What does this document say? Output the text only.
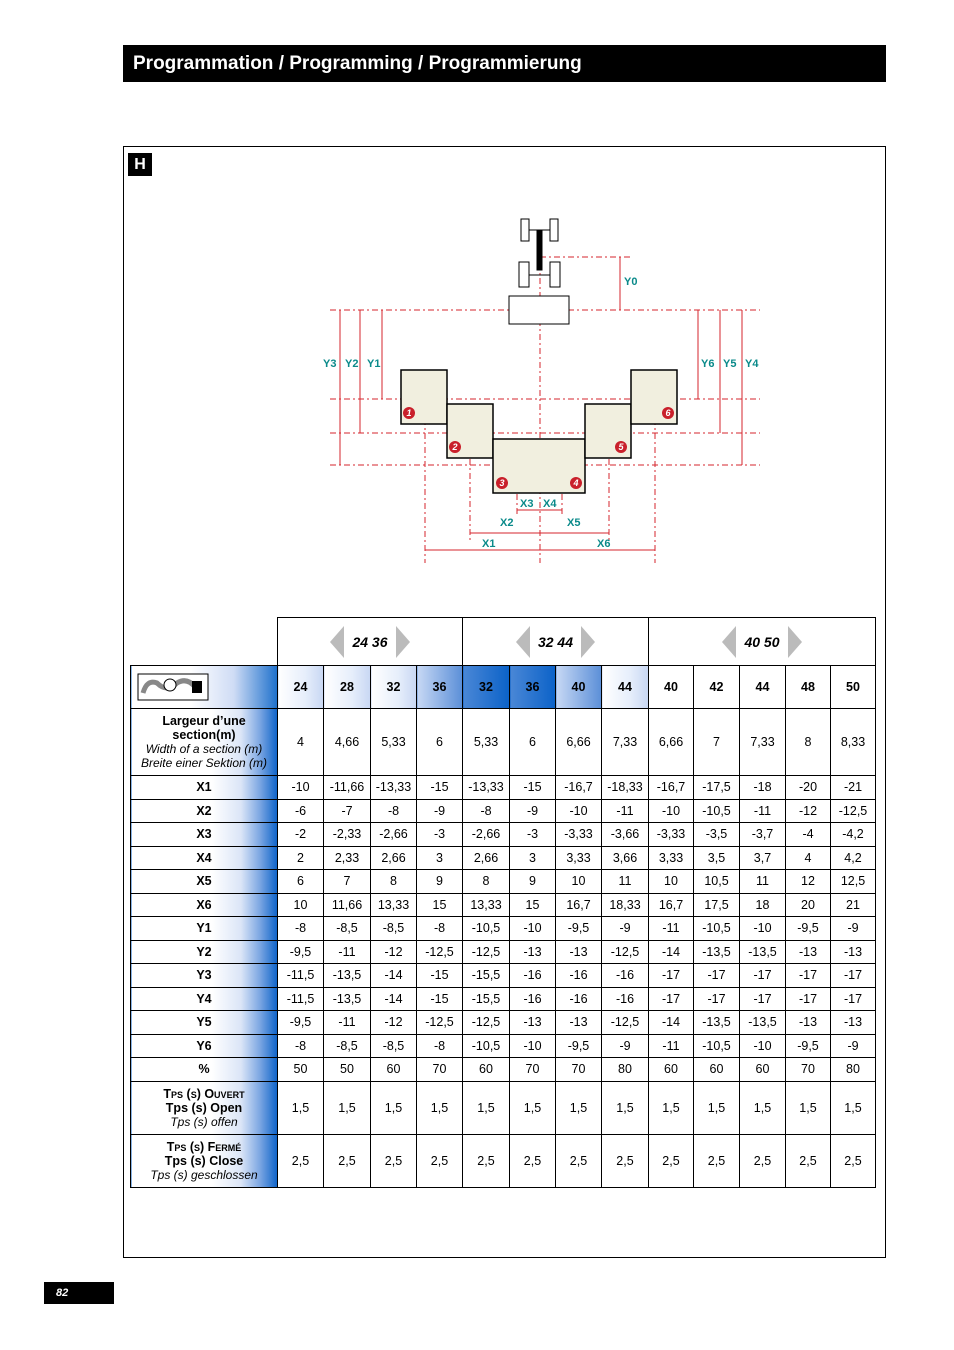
Programmation / Programming / Programmierung
H
1
2
3	4
5
6
Y0
Y3 Y2 Y1	Y6 Y5 Y4
X3 X4
X2	X5
X1	X6

	24 36				32 44				40 50				

	24	28	32	36	32	36	40	44	40	42	44	48	50

Largeur d’une section(m)
Width of a section (m)
Breite einer Sektion (m)	4	4,66	5,33	6	5,33	6	6,66	7,33	6,66	7	7,33	8	8,33
X1	-10	-11,66	-13,33	-15	-13,33	-15	-16,7	-18,33	-16,7	-17,5	-18	-20	-21
X2	-6	-7	-8	-9	-8	-9	-10	-11	-10	-10,5	-11	-12	-12,5
X3	-2	-2,33	-2,66	-3	-2,66	-3	-3,33	-3,66	-3,33	-3,5	-3,7	-4	-4,2
X4	2	2,33	2,66	3	2,66	3	3,33	3,66	3,33	3,5	3,7	4	4,2
X5	6	7	8	9	8	9	10	11	10	10,5	11	12	12,5
X6	10	11,66	13,33	15	13,33	15	16,7	18,33	16,7	17,5	18	20	21
Y1	-8	-8,5	-8,5	-8	-10,5	-10	-9,5	-9	-11	-10,5	-10	-9,5	-9
Y2	-9,5	-11	-12	-12,5	-12,5	-13	-13	-12,5	-14	-13,5	-13,5	-13	-13
Y3	-11,5	-13,5	-14	-15	-15,5	-16	-16	-16	-17	-17	-17	-17	-17
Y4	-11,5	-13,5	-14	-15	-15,5	-16	-16	-16	-17	-17	-17	-17	-17
Y5	-9,5	-11	-12	-12,5	-12,5	-13	-13	-12,5	-14	-13,5	-13,5	-13	-13
Y6	-8	-8,5	-8,5	-8	-10,5	-10	-9,5	-9	-11	-10,5	-10	-9,5	-9
%	50	50	60	70	60	70	70	80	60	60	60	70	80

Tps (s) Ouvert
Tps (s) Open
Tps (s) offen	1,5	1,5	1,5	1,5	1,5	1,5	1,5	1,5	1,5	1,5	1,5	1,5	1,5

Tps (s) Fermé
Tps (s) Close
Tps (s) geschlossen	2,5	2,5	2,5	2,5	2,5	2,5	2,5	2,5	2,5	2,5	2,5	2,5	2,5
82
